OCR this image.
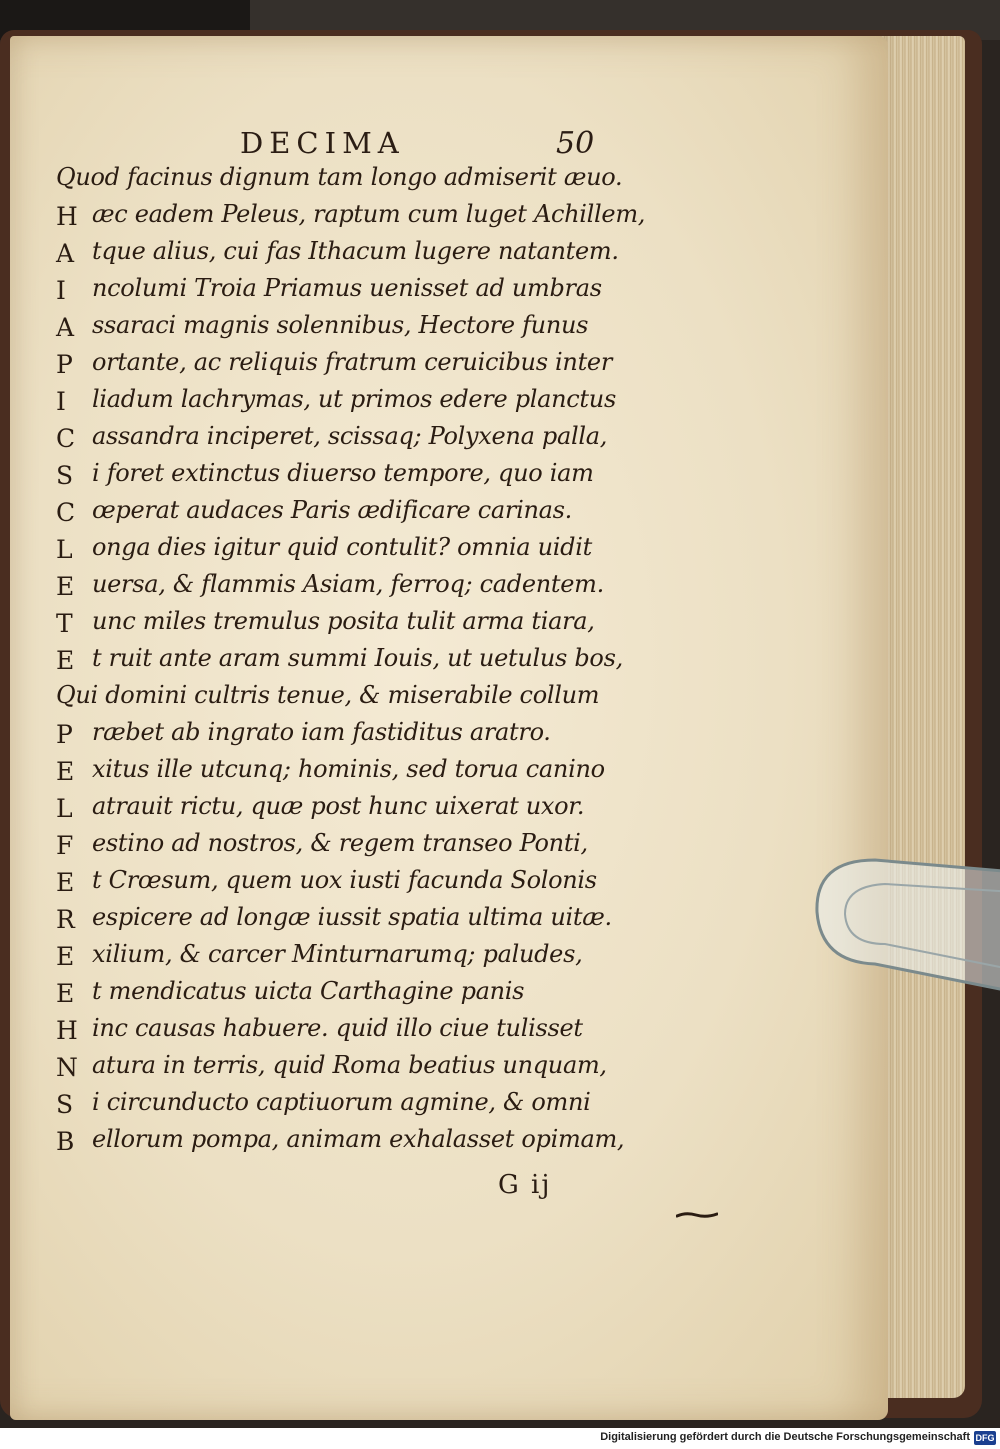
DECIMA	50
Quod facinus dignum tam longo admiserit æuo.
H æc eadem Peleus, raptum cum luget Achillem,
A tque alius, cui fas Ithacum lugere natantem.
I	ncolumi Troia Priamus uenisset ad umbras
A ssaraci magnis solennibus, Hectore funus
P ortante, ac reliquis fratrum ceruicibus inter
I	liadum lachrymas, ut primos edere planctus
C assandra inciperet, scissaq; Polyxena palla,
S i foret extinctus diuerso tempore, quo iam
C œperat audaces Paris ædificare carinas.
L onga dies igitur quid contulit? omnia uidit
E uersa, & flammis Asiam, ferroq; cadentem.
T unc miles tremulus posita tulit arma tiara,
E t ruit ante aram summi Iouis, ut uetulus bos,
Qui domini cultris tenue, & miserabile collum
P ræbet ab ingrato iam fastiditus aratro.
E xitus ille utcunq; hominis, sed torua canino
L atrauit rictu, quæ post hunc uixerat uxor.
F estino ad nostros, & regem transeo Ponti,
E t Crœsum, quem uox iusti facunda Solonis
R espicere ad longæ iussit spatia ultima uitæ.
E xilium, & carcer Minturnarumq; paludes,
E t mendicatus uicta Carthagine panis
H inc causas habuere. quid illo ciue tulisset
N atura in terris, quid Roma beatius unquam,
S i circunducto captiuorum agmine, & omni
B ellorum pompa, animam exhalasset opimam,
G ij
Digitalisierung gefördert durch die Deutsche Forschungsgemeinschaft DFG
